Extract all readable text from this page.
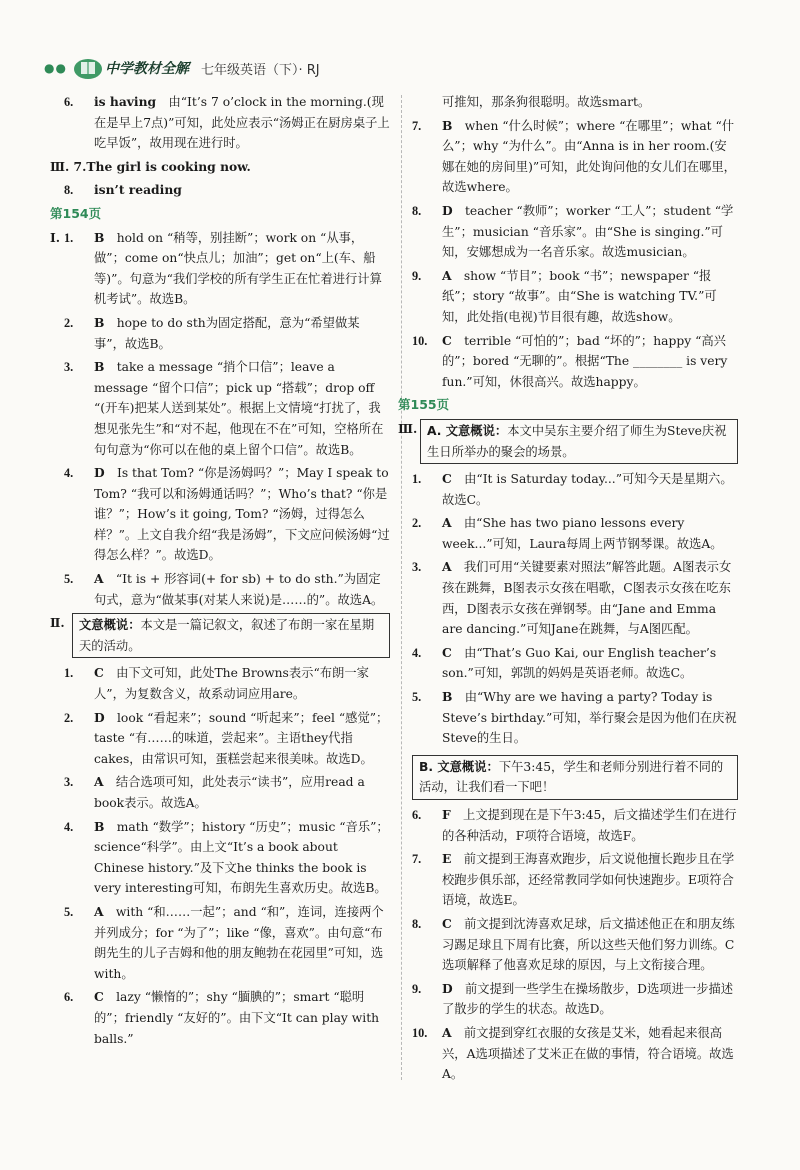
●●	中学教材全解 七年级英语（下）· RJ
6. is having　 由“It’s 7 o’clock in the morning.(现在是早上7点)”可知，此处应表示“汤姆正在厨房桌子上吃早饭”，故用现在进行时。
Ⅲ. 7.The girl is cooking now.
8. isn’t reading
第154页
Ⅰ. 1. B　 hold on “稍等，别挂断”；work on “从事，做”；come on“快点儿；加油”；get on“上(车、船等)”。句意为“我们学校的所有学生正在忙着进行计算机考试”。故选B。
2. B　 hope to do sth为固定搭配，意为“希望做某事”，故选B。
3. B　 take a message “捎个口信”；leave a message “留个口信”；pick up “搭载”；drop off “(开车)把某人送到某处”。根据上文情境“打扰了，我想见张先生”和“对不起，他现在不在”可知，空格所在句句意为“你可以在他的桌上留个口信”。故选B。
4. D　 Is that Tom? “你是汤姆吗？”；May I speak to Tom? “我可以和汤姆通话吗？”；Who’s that? “你是谁？”；How’s it going, Tom? “汤姆，过得怎么样？”。上文自我介绍“我是汤姆”，下文应问候汤姆“过得怎么样？”。故选D。
5. A　 “It is + 形容词(+ for sb) + to do sth.”为固定句式，意为“做某事(对某人来说)是……的”。故选A。
Ⅱ.	文意概说：本文是一篇记叙文，叙述了布朗一家在星期天的活动。
1. C　 由下文可知，此处The Browns表示“布朗一家人”，为复数含义，故系动词应用are。
2. D　 look “看起来”；sound “听起来”；feel “感觉”；taste “有……的味道，尝起来”。主语they代指cakes，由常识可知，蛋糕尝起来很美味。故选D。
3. A　 结合选项可知，此处表示“读书”，应用read a book表示。故选A。
4. B　 math “数学”；history “历史”；music “音乐”；science“科学”。由上文“It’s a book about Chinese history.”及下文he thinks the book is very interesting可知，布朗先生喜欢历史。故选B。
5. A　 with “和……一起”；and “和”，连词，连接两个并列成分；for “为了”；like “像，喜欢”。由句意“布朗先生的儿子吉姆和他的朋友鲍勃在花园里”可知，选with。
6. C　 lazy “懒惰的”；shy “腼腆的”；smart “聪明的”；friendly “友好的”。由下文“It can play with balls.”
可推知，那条狗很聪明。故选smart。
7. B　 when “什么时候”；where “在哪里”；what “什么”；why “为什么”。由“Anna is in her room.(安娜在她的房间里)”可知，此处询问他的女儿们在哪里，故选where。
8. D　 teacher “教师”；worker “工人”；student “学生”；musician “音乐家”。由“She is singing.”可知，安娜想成为一名音乐家。故选musician。
9. A　 show “节目”；book “书”；newspaper “报纸”；story “故事”。由“She is watching TV.”可知，此处指(电视)节目很有趣，故选show。
10. C　 terrible “可怕的”；bad “坏的”；happy “高兴的”；bored “无聊的”。根据“The ________ is very fun.”可知，休很高兴。故选happy。
第155页
Ⅲ. A. 文意概说：本文中吴东主要介绍了师生为Steve庆祝生日所举办的聚会的场景。
1. C　 由“It is Saturday today...”可知今天是星期六。故选C。
2. A　 由“She has two piano lessons every week...”可知，Laura每周上两节钢琴课。故选A。
3. A　 我们可用“关键要素对照法”解答此题。A图表示女孩在跳舞，B图表示女孩在唱歌，C图表示女孩在吃东西，D图表示女孩在弹钢琴。由“Jane and Emma are dancing.”可知Jane在跳舞，与A图匹配。
4. C　 由“That’s Guo Kai, our English teacher’s son.”可知，郭凯的妈妈是英语老师。故选C。
5. B　 由“Why are we having a party? Today is Steve’s birthday.”可知，举行聚会是因为他们在庆祝Steve的生日。
B. 文意概说：下午3:45，学生和老师分别进行着不同的活动，让我们看一下吧！
6. F　 上文提到现在是下午3:45，后文描述学生们在进行的各种活动，F项符合语境，故选F。
7. E　 前文提到王海喜欢跑步，后文说他擅长跑步且在学校跑步俱乐部，还经常教同学如何快速跑步。E项符合语境，故选E。
8. C　 前文提到沈涛喜欢足球，后文描述他正在和朋友练习踢足球且下周有比赛，所以这些天他们努力训练。C选项解释了他喜欢足球的原因，与上文衔接合理。
9. D　 前文提到一些学生在操场散步，D选项进一步描述了散步的学生的状态。故选D。
10. A　 前文提到穿红衣服的女孩是艾米，她看起来很高兴，A选项描述了艾米正在做的事情，符合语境。故选A。
